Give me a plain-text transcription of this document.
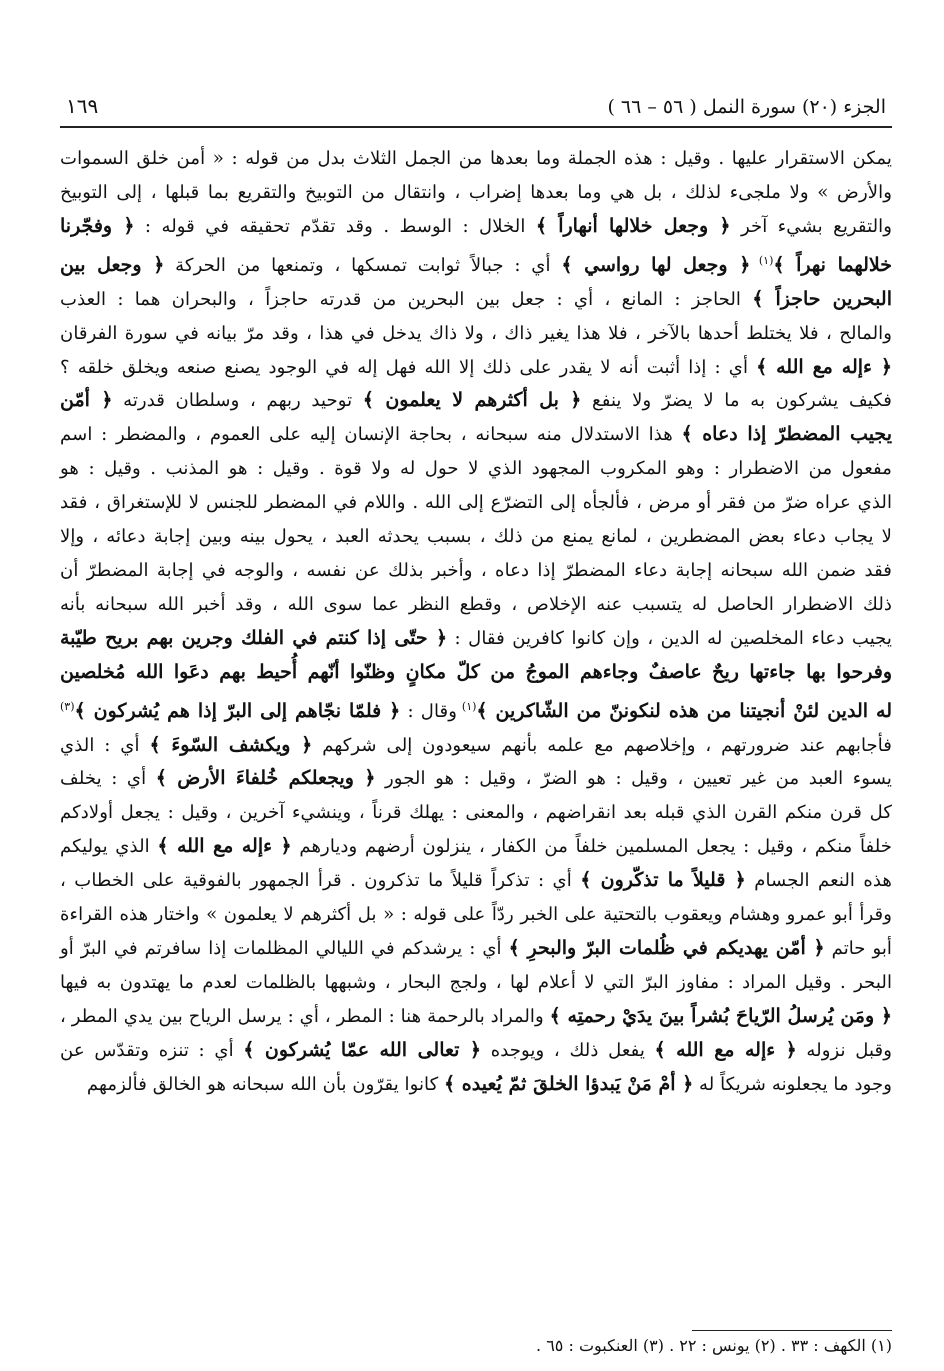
الجزء (٢٠) سورة النمل ( ٥٦ – ٦٦ )
١٦٩

يمكن الاستقرار عليها . وقيل : هذه الجملة وما بعدها من الجمل الثلاث بدل من قوله : « أمن خلق السموات

والأرض » ولا ملجىء لذلك ، بل هي وما بعدها إضراب ، وانتقال من التوبيخ والتقريع بما قبلها ، إلى التوبيخ

والتقريع بشيء آخر ﴿ وجعل خلالها أنهاراً ﴾ الخلال : الوسط . وقد تقدّم تحقيقه في قوله : ﴿ وفجّرنا

خلالهما نهراً ﴾$^{(١)}$ ﴿ وجعل لها رواسي ﴾ أي : جبالاً ثوابت تمسكها ، وتمنعها من الحركة ﴿ وجعل بين

البحرين حاجزاً ﴾ الحاجز : المانع ، أي : جعل بين البحرين من قدرته حاجزاً ، والبحران هما : العذب

والمالح ، فلا يختلط أحدها بالآخر ، فلا هذا يغير ذاك ، ولا ذاك يدخل في هذا ، وقد مرّ بيانه في سورة الفرقان

﴿ ءإله مع الله ﴾ أي : إذا أثبت أنه لا يقدر على ذلك إلا الله فهل إله في الوجود يصنع صنعه ويخلق خلقه ؟

فكيف يشركون به ما لا يضرّ ولا ينفع ﴿ بل أكثرهم لا يعلمون ﴾ توحيد ربهم ، وسلطان قدرته ﴿ أمّن

يجيب المضطرّ إذا دعاه ﴾ هذا الاستدلال منه سبحانه ، بحاجة الإنسان إليه على العموم ، والمضطر : اسم

مفعول من الاضطرار : وهو المكروب المجهود الذي لا حول له ولا قوة . وقيل : هو المذنب . وقيل : هو

الذي عراه ضرّ من فقر أو مرض ، فألجأه إلى التضرّع إلى الله . واللام في المضطر للجنس لا للإستغراق ، فقد

لا يجاب دعاء بعض المضطرين ، لمانع يمنع من ذلك ، بسبب يحدثه العبد ، يحول بينه وبين إجابة دعائه ، وإلا

فقد ضمن الله سبحانه إجابة دعاء المضطرّ إذا دعاه ، وأخبر بذلك عن نفسه ، والوجه في إجابة المضطرّ أن

ذلك الاضطرار الحاصل له يتسبب عنه الإخلاص ، وقطع النظر عما سوى الله ، وقد أخبر الله سبحانه بأنه

يجيب دعاء المخلصين له الدين ، وإن كانوا كافرين فقال : ﴿ حتّى إذا كنتم في الفلك وجرين بهم بريح طيّبة

وفرحوا بها جاءتها ريحٌ عاصفٌ وجاءهم الموجُ من كلّ مكانٍ وظنّوا أنّهم أُحيط بهم دعَوا الله مُخلصين

له الدين لئنْ أنجيتنا من هذه لنكوننّ من الشّاكرين ﴾$^{(١)}$ وقال : ﴿ فلمّا نجّاهم إلى البرّ إذا هم يُشركون ﴾$^{(٣)}$

فأجابهم عند ضرورتهم ، وإخلاصهم مع علمه بأنهم سيعودون إلى شركهم ﴿ ويكشف السّوءَ ﴾ أي : الذي

يسوء العبد من غير تعيين ، وقيل : هو الضرّ ، وقيل : هو الجور ﴿ ويجعلكم خُلفاءَ الأرض ﴾ أي : يخلف

كل قرن منكم القرن الذي قبله بعد انقراضهم ، والمعنى : يهلك قرناً ، وينشيء آخرين ، وقيل : يجعل أولادكم

خلفاً منكم ، وقيل : يجعل المسلمين خلفاً من الكفار ، ينزلون أرضهم وديارهم ﴿ ءإله مع الله ﴾ الذي يوليكم

هذه النعم الجسام ﴿ قليلاً ما تذكّرون ﴾ أي : تذكراً قليلاً ما تذكرون . قرأ الجمهور بالفوقية على الخطاب ،

وقرأ أبو عمرو وهشام ويعقوب بالتحتية على الخبر ردّاً على قوله : « بل أكثرهم لا يعلمون » واختار هذه القراءة

أبو حاتم ﴿ أمّن يهديكم في ظُلمات البرّ والبحرِ ﴾ أي : يرشدكم في الليالي المظلمات إذا سافرتم في البرّ أو

البحر . وقيل المراد : مفاوز البرّ التي لا أعلام لها ، ولجج البحار ، وشبهها بالظلمات لعدم ما يهتدون به فيها

﴿ ومَن يُرسلُ الرّياحَ بُشراً بينَ يدَيْ رحمتِه ﴾ والمراد بالرحمة هنا : المطر ، أي : يرسل الرياح بين يدي المطر ،

وقبل نزوله ﴿ ءإله مع الله ﴾ يفعل ذلك ، ويوجده ﴿ تعالى الله عمّا يُشركون ﴾ أي : تنزه وتقدّس عن

وجود ما يجعلونه شريكاً له ﴿ أمْ مَنْ يَبدؤا الخلقَ ثمّ يُعيده ﴾ كانوا يقرّون بأن الله سبحانه هو الخالق فألزمهم

(١) الكهف : ٣٣ . (٢) يونس : ٢٢ . (٣) العنكبوت : ٦٥ .
